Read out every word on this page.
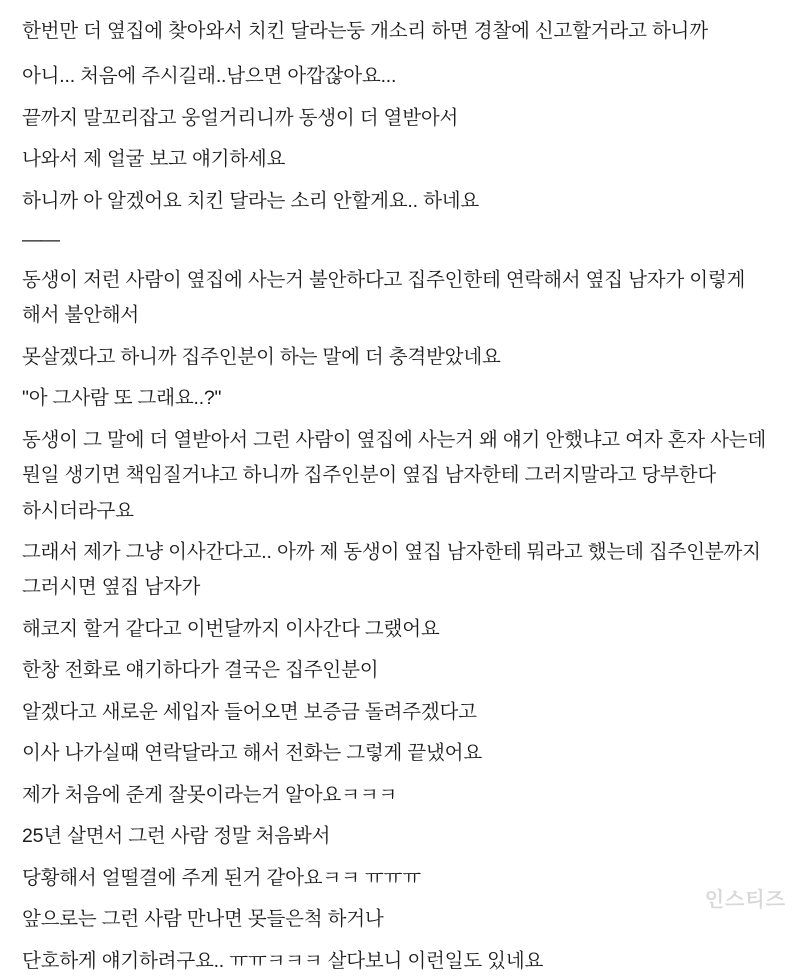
한번만 더 옆집에 찾아와서 치킨 달라는둥 개소리 하면 경찰에 신고할거라고 하니까

아니... 처음에 주시길래..남으면 아깝잖아요...

끝까지 말꼬리잡고 웅얼거리니까 동생이 더 열받아서

나와서 제 얼굴 보고 얘기하세요

하니까 아 알겠어요 치킨 달라는 소리 안할게요.. 하네요

——

동생이 저런 사람이 옆집에 사는거 불안하다고 집주인한테 연락해서 옆집 남자가 이렇게 해서 불안해서

못살겠다고 하니까 집주인분이 하는 말에 더 충격받았네요

"아 그사람 또 그래요..?"

동생이 그 말에 더 열받아서 그런 사람이 옆집에 사는거 왜 얘기 안했냐고 여자 혼자 사는데 뭔일 생기면 책임질거냐고 하니까 집주인분이 옆집 남자한테 그러지말라고 당부한다 하시더라구요

그래서 제가 그냥 이사간다고.. 아까 제 동생이 옆집 남자한테 뭐라고 했는데 집주인분까지 그러시면 옆집 남자가

해코지 할거 같다고 이번달까지 이사간다 그랬어요

한창 전화로 얘기하다가 결국은 집주인분이

알겠다고 새로운 세입자 들어오면 보증금 돌려주겠다고

이사 나가실때 연락달라고 해서 전화는 그렇게 끝냈어요

제가 처음에 준게 잘못이라는거 알아요ㅋㅋㅋ

25년 살면서 그런 사람 정말 처음봐서

당황해서 얼떨결에 주게 된거 같아요ㅋㅋ ㅠㅠㅠ

앞으로는 그런 사람 만나면 못들은척 하거나

단호하게 얘기하려구요.. ㅠㅠㅋㅋㅋ 살다보니 이런일도 있네요

인스티즈
